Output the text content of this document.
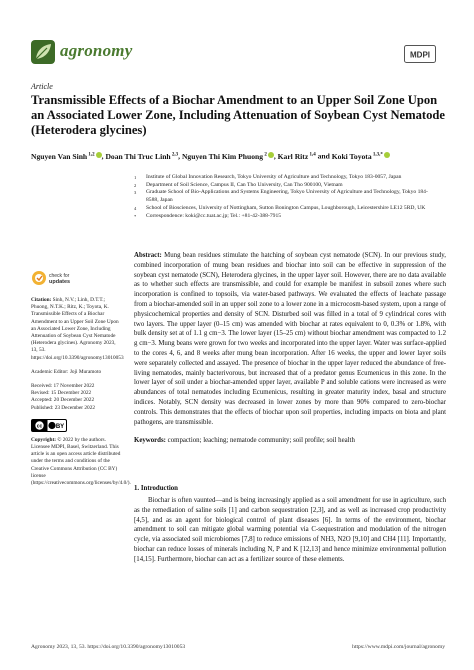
agronomy	MDPI
Article
Transmissible Effects of a Biochar Amendment to an Upper Soil Zone Upon an Associated Lower Zone, Including Attenuation of Soybean Cyst Nematode (Heterodera glycines)
Nguyen Van Sinh $^{1,2}$ , Doan Thi Truc Linh $^{2,3}$, Nguyen Thi Kim Phuong $^2$ , Karl Ritz $^{1,4}$ and Koki Toyota $^{1,3,*}$
1 Institute of Global Innovation Research, Tokyo University of Agriculture and Technology, Tokyo 183-0057, Japan
2 Department of Soil Science, Campus II, Can Tho University, Can Tho 900100, Vietnam
3 Graduate School of Bio-Applications and Systems Engineering, Tokyo University of Agriculture and Technology, Tokyo 184-8588, Japan
4 School of Biosciences, University of Nottingham, Sutton Bonington Campus, Loughborough, Leicestershire LE12 5RD, UK
* Correspondence: koki@cc.tuat.ac.jp; Tel.: +81-42-388-7915
check for
updates

Citation: Sinh, N.V.; Linh, D.T.T.; Phuong, N.T.K.; Ritz, K.; Toyota, K. Transmissible Effects of a Biochar Amendment to an Upper Soil Zone Upon an Associated Lower Zone, Including Attenuation of Soybean Cyst Nematode (Heterodera glycines). Agronomy 2023, 13, 53. https://doi.org/10.3390/agronomy13010053

Academic Editor: Joji Muramoto

Received: 17 November 2022
Revised: 15 December 2022
Accepted: 20 December 2022

Published: 23 December 2022

cc BY

Copyright: © 2022 by the authors. Licensee MDPI, Basel, Switzerland. This article is an open access article distributed under the terms and conditions of the Creative Commons Attribution (CC BY) license (https://creativecommons.org/licenses/by/4.0/).

Abstract: Mung bean residues stimulate the hatching of soybean cyst nematode (SCN). In our previous study, combined incorporation of mung bean residues and biochar into soil can be effective in suppression of the soybean cyst nematode (SCN), Heterodera glycines, in the upper layer soil. However, there are no data available as to whether such effects are transmissible, and could for example be manifest in subsoil zones where such incorporation is confined to topsoils, via water-based pathways. We evaluated the effects of leachate passage from a biochar-amended soil in an upper soil zone to a lower zone in a microcosm-based system, upon a range of physicochemical properties and density of SCN. Disturbed soil was filled in a total of 9 cylindrical cores with two layers. The upper layer (0–15 cm) was amended with biochar at rates equivalent to 0, 0.3% or 1.8%, with bulk density set at of 1.1 g cm−3. The lower layer (15–25 cm) without biochar amendment was compacted to 1.2 g cm−3. Mung beans were grown for two weeks and incorporated into the upper layer. Water was surface-applied to the cores 4, 6, and 8 weeks after mung bean incorporation. After 16 weeks, the upper and lower layer soils were separately collected and assayed. The presence of biochar in the upper layer reduced the abundance of free-living nematodes, mainly bacterivorous, but increased that of a predator genus Ecumenicus in this zone. In the lower layer of soil under a biochar-amended upper layer, available P and soluble cations were increased as were abundances of total nematodes including Ecumenicus, resulting in greater maturity index, basal and structure indices. Notably, SCN density was decreased in lower zones by more than 90% compared to zero-biochar controls. This demonstrates that the effects of biochar upon soil properties, including impacts on biota and plant pathogens, are transmissible.

Keywords: compaction; leaching; nematode community; soil profile; soil health

1. Introduction

Biochar is often vaunted—and is being increasingly applied as a soil amendment for use in agriculture, such as the remediation of saline soils [1] and carbon sequestration [2,3], and as well as increased crop productivity [4,5], and as an agent for biological control of plant diseases [6]. In terms of the environment, biochar amendment to soil can mitigate global warming potential via C-sequestration and modulation of the nitrogen cycle, via associated soil microbiomes [7,8] to reduce emissions of NH3, N2O [9,10] and CH4 [11]. Importantly, biochar can reduce losses of minerals including N, P and K [12,13] and hence minimize environmental pollution [14,15]. Furthermore, biochar can act as a fertilizer source of these elements.

Agronomy 2023, 13, 53. https://doi.org/10.3390/agronomy13010053	https://www.mdpi.com/journal/agronomy
